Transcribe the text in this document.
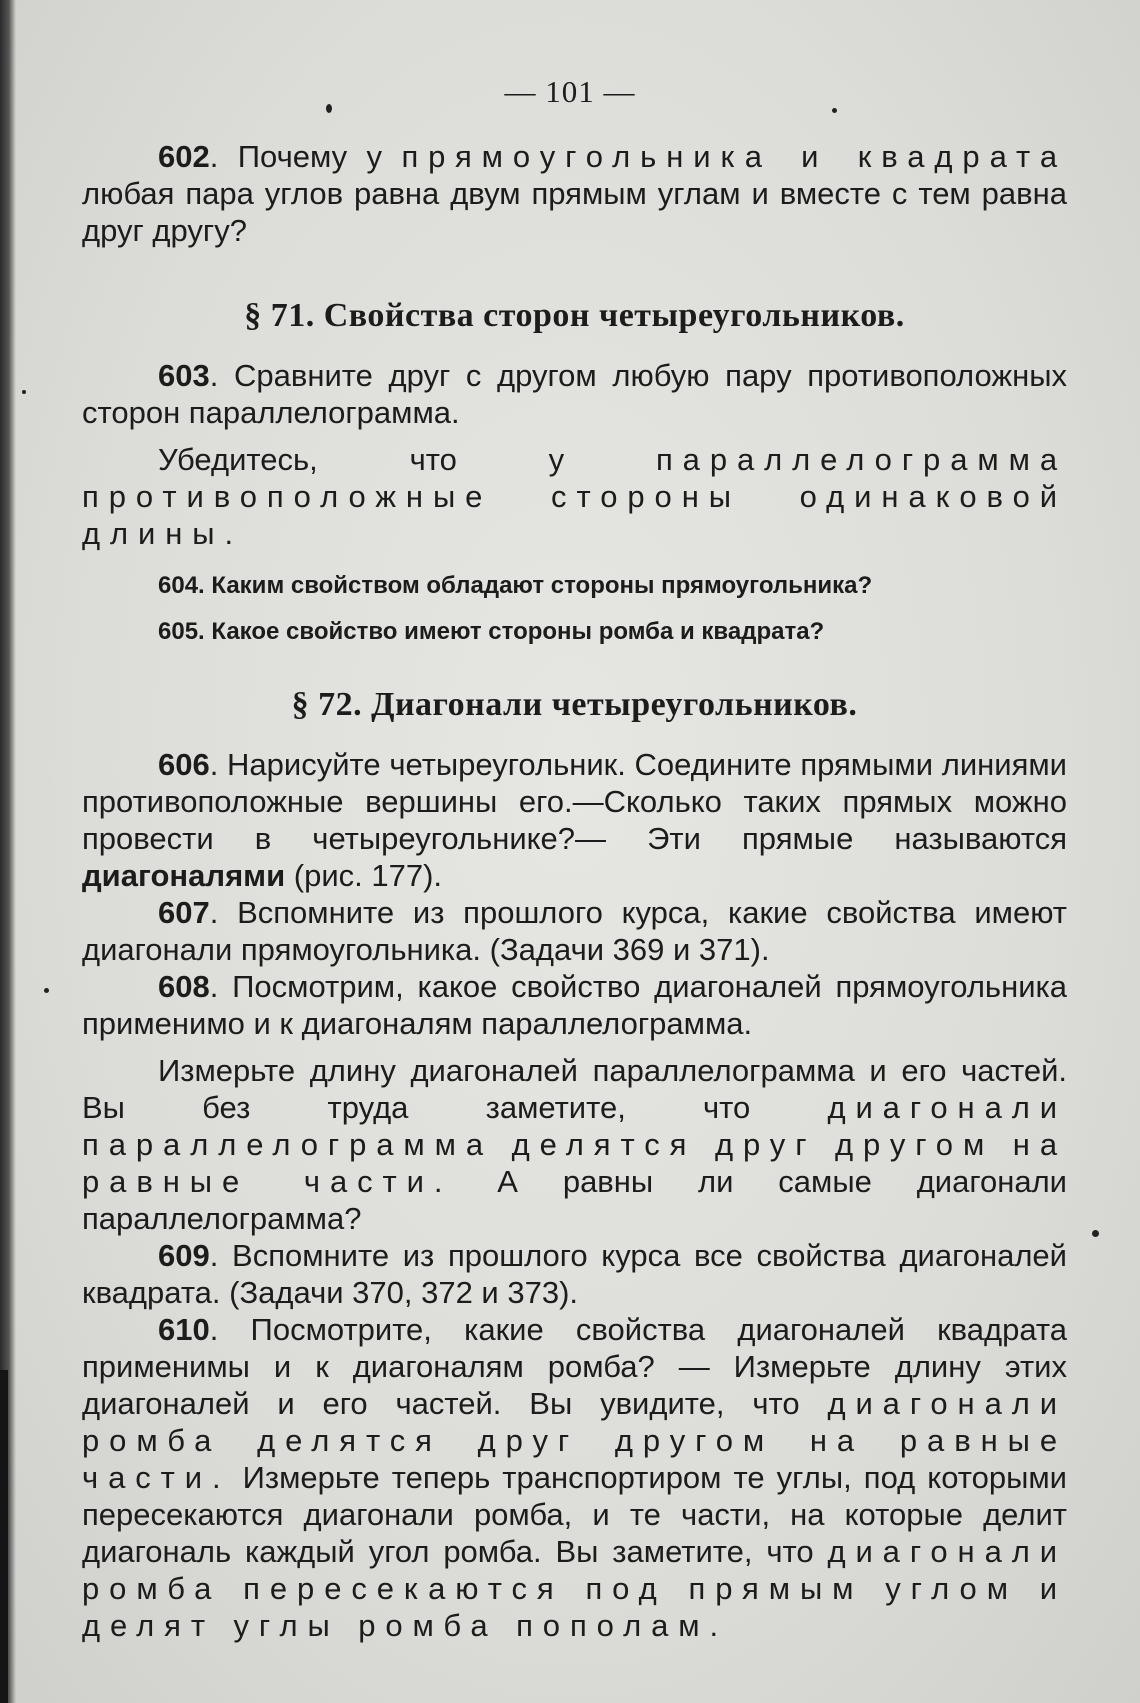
— 101 —

602. Почему у прямоугольника и квадрата любая пара углов равна двум прямым углам и вместе с тем равна друг другу?

§ 71. Свойства сторон четыреугольников.

603. Сравните друг с другом любую пару противоположных сторон параллелограмма.

Убедитесь, что у параллелограмма противоположные стороны одинаковой длины.

604. Каким свойством обладают стороны прямоугольника?

605. Какое свойство имеют стороны ромба и квадрата?

§ 72. Диагонали четыреугольников.

606. Нарисуйте четыреугольник. Соедините прямыми линиями противоположные вершины его.—Сколько таких прямых можно провести в четыреугольнике?— Эти прямые называются диагоналями (рис. 177).

607. Вспомните из прошлого курса, какие свойства имеют диагонали прямоугольника. (Задачи 369 и 371).

608. Посмотрим, какое свойство диагоналей прямоугольника применимо и к диагоналям параллелограмма.

Измерьте длину диагоналей параллелограмма и его частей. Вы без труда заметите, что диагонали параллелограмма делятся друг другом на равные части. А равны ли самые диагонали параллелограмма?

609. Вспомните из прошлого курса все свойства диагоналей квадрата. (Задачи 370, 372 и 373).

610. Посмотрите, какие свойства диагоналей квадрата применимы и к диагоналям ромба? — Измерьте длину этих диагоналей и его частей. Вы увидите, что диагонали ромба делятся друг другом на равные части. Измерьте теперь транспортиром те углы, под которыми пересекаются диагонали ромба, и те части, на которые делит диагональ каждый угол ромба. Вы заметите, что диагонали ромба пересекаются под прямым углом и делят углы ромба пополам.
